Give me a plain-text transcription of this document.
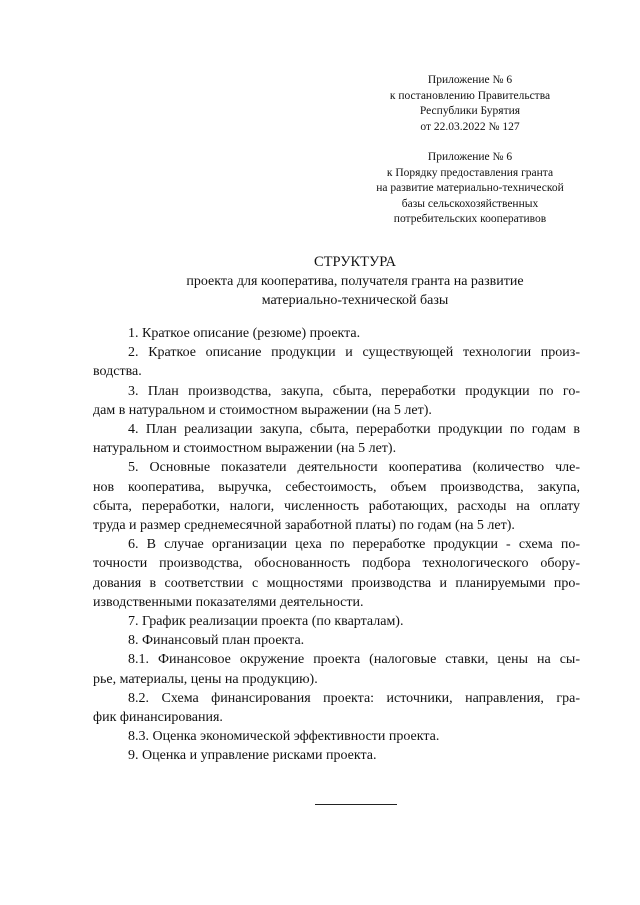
Приложение № 6
к постановлению Правительства
Республики Бурятия
от 22.03.2022 № 127
Приложение № 6
к Порядку предоставления гранта
на развитие материально-технической
базы сельскохозяйственных
потребительских кооперативов
СТРУКТУРА
проекта для кооператива, получателя гранта на развитие
материально-технической базы

1. Краткое описание (резюме) проекта.

2. Краткое описание продукции и существующей технологии произ-
водства.

3. План производства, закупа, сбыта, переработки продукции по го-
дам в натуральном и стоимостном выражении (на 5 лет).

4. План реализации закупа, сбыта, переработки продукции по годам в
натуральном и стоимостном выражении (на 5 лет).

5. Основные показатели деятельности кооператива (количество чле-
нов кооператива, выручка, себестоимость, объем производства, закупа,
сбыта, переработки, налоги, численность работающих, расходы на оплату
труда и размер среднемесячной заработной платы) по годам (на 5 лет).

6. В случае организации цеха по переработке продукции - схема по-
точности производства, обоснованность подбора технологического обору-
дования в соответствии с мощностями производства и планируемыми про-
изводственными показателями деятельности.

7. График реализации проекта (по кварталам).

8. Финансовый план проекта.

8.1. Финансовое окружение проекта (налоговые ставки, цены на сы-
рье, материалы, цены на продукцию).

8.2. Схема финансирования проекта: источники, направления, гра-
фик финансирования.

8.3. Оценка экономической эффективности проекта.

9. Оценка и управление рисками проекта.
